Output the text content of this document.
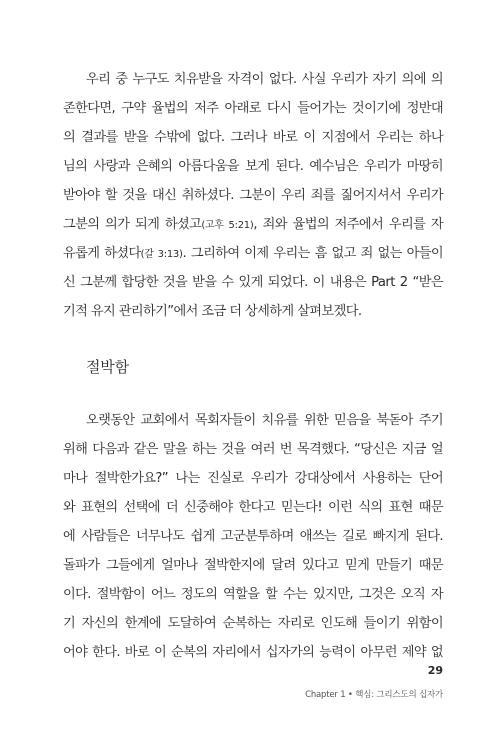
우리 중 누구도 치유받을 자격이 없다. 사실 우리가 자기 의에 의
존한다면, 구약 율법의 저주 아래로 다시 들어가는 것이기에 정반대
의 결과를 받을 수밖에 없다. 그러나 바로 이 지점에서 우리는 하나
님의 사랑과 은혜의 아름다움을 보게 된다. 예수님은 우리가 마땅히
받아야 할 것을 대신 취하셨다. 그분이 우리 죄를 짊어지셔서 우리가
그분의 의가 되게 하셨고(고후 5:21), 죄와 율법의 저주에서 우리를 자
유롭게 하셨다(갈 3:13). 그리하여 이제 우리는 흠 없고 죄 없는 아들이
신 그분께 합당한 것을 받을 수 있게 되었다. 이 내용은 Part 2 “받은
기적 유지 관리하기”에서 조금 더 상세하게 살펴보겠다.
절박함
오랫동안 교회에서 목회자들이 치유를 위한 믿음을 북돋아 주기
위해 다음과 같은 말을 하는 것을 여러 번 목격했다. “당신은 지금 얼
마나 절박한가요?” 나는 진실로 우리가 강대상에서 사용하는 단어
와 표현의 선택에 더 신중해야 한다고 믿는다! 이런 식의 표현 때문
에 사람들은 너무나도 쉽게 고군분투하며 애쓰는 길로 빠지게 된다.
돌파가 그들에게 얼마나 절박한지에 달려 있다고 믿게 만들기 때문
이다. 절박함이 어느 정도의 역할을 할 수는 있지만, 그것은 오직 자
기 자신의 한계에 도달하여 순복하는 자리로 인도해 들이기 위함이
어야 한다. 바로 이 순복의 자리에서 십자가의 능력이 아무런 제약 없
29
Chapter 1 • 핵심: 그리스도의 십자가
